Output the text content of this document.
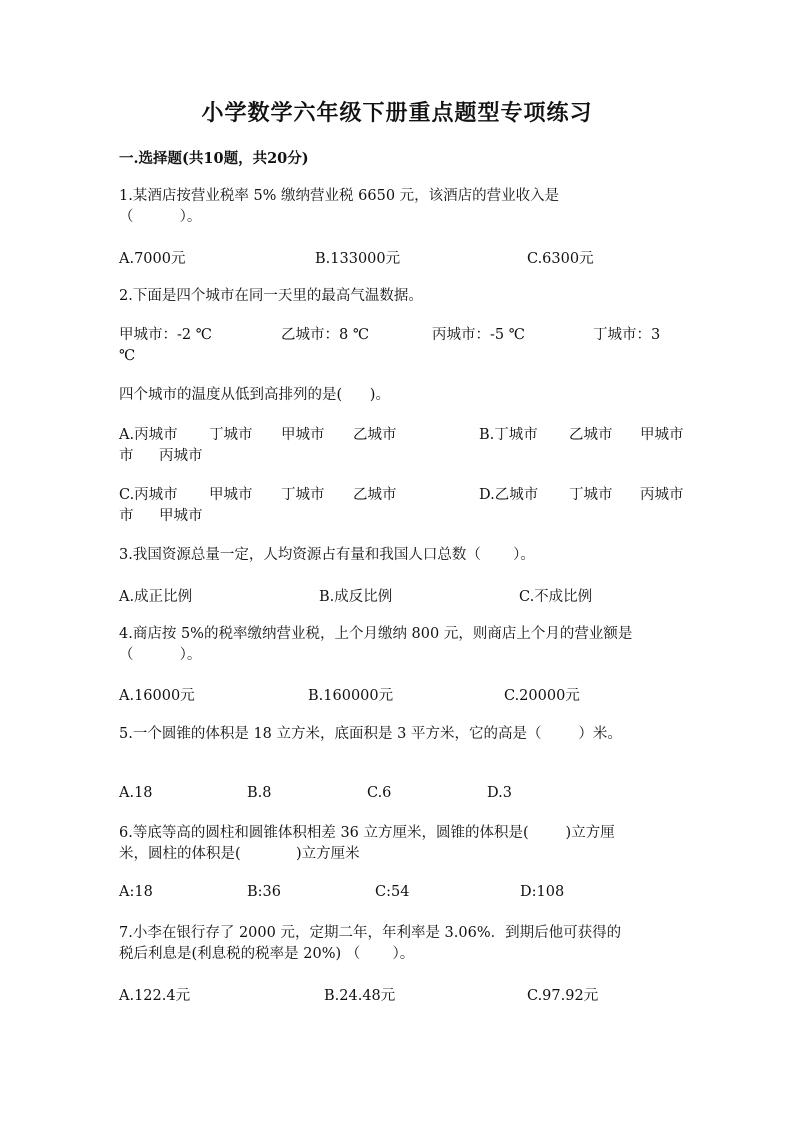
小学数学六年级下册重点题型专项练习
一.选择题(共10题，共20分)
1.某酒店按营业税率 5% 缴纳营业税 6650 元，该酒店的营业收入是
（          ）。
A.7000元	B.133000元	C.6300元
2.下面是四个城市在同一天里的最高气温数据。
甲城市：-2 ℃	乙城市：8 ℃	丙城市：-5 ℃	丁城市：3
℃
四个城市的温度从低到高排列的是(      )。
A.丙城市 丁城市 甲城市 乙城市	B.丁城市 乙城市 甲城市
市 丙城市
C.丙城市 甲城市 丁城市 乙城市	D.乙城市 丁城市 丙城市
市 甲城市
3.我国资源总量一定，人均资源占有量和我国人口总数（       ）。
A.成正比例	B.成反比例	C.不成比例
4.商店按 5%的税率缴纳营业税，上个月缴纳 800 元，则商店上个月的营业额是
（          ）。
A.16000元	B.160000元	C.20000元
5.一个圆锥的体积是 18 立方米，底面积是 3 平方米，它的高是（        ）米。
A.18	B.8	C.6	D.3
6.等底等高的圆柱和圆锥体积相差 36 立方厘米，圆锥的体积是(        )立方厘
米，圆柱的体积是(            )立方厘米
A:18	B:36	C:54	D:108
7.小李在银行存了 2000 元，定期二年，年利率是 3.06%．到期后他可获得的
税后利息是(利息税的税率是 20%) （       ）。
A.122.4元	B.24.48元	C.97.92元
